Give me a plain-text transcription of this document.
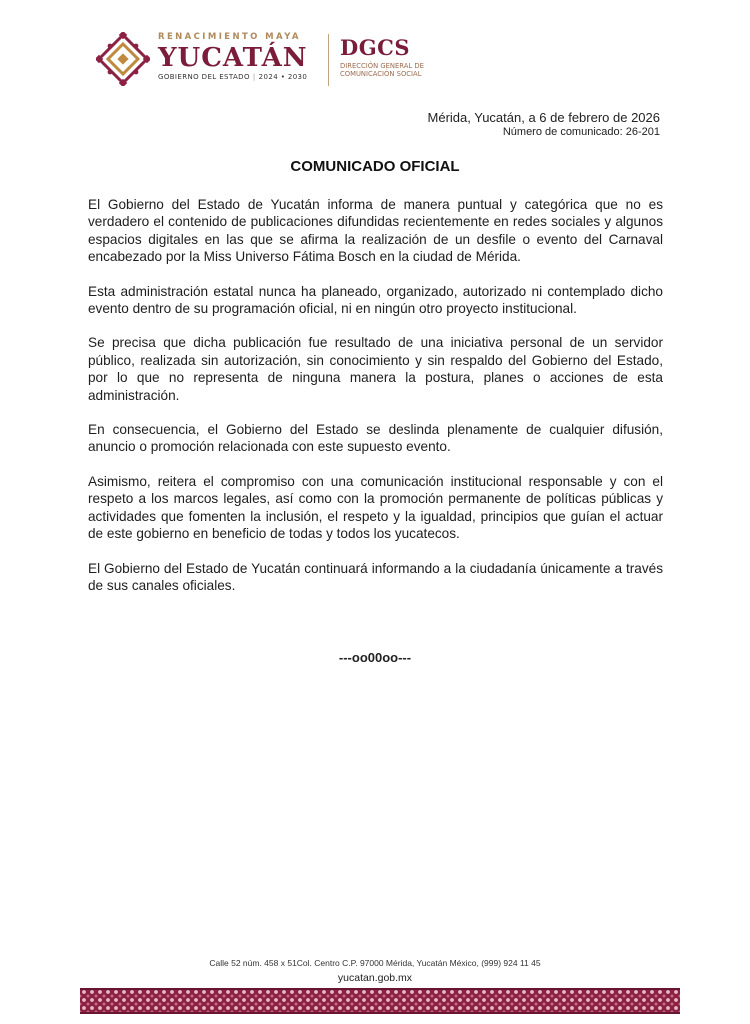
RENACIMIENTO MAYA
YUCATÁN
GOBIERNO DEL ESTADO | 2024 • 2030
DGCS
DIRECCIÓN GENERAL DE
COMUNICACIÓN SOCIAL
Mérida, Yucatán, a 6 de febrero de 2026
Número de comunicado: 26-201
COMUNICADO OFICIAL

El Gobierno del Estado de Yucatán informa de manera puntual y categórica que no es verdadero el contenido de publicaciones difundidas recientemente en redes sociales y algunos espacios digitales en las que se afirma la realización de un desfile o evento del Carnaval encabezado por la Miss Universo Fátima Bosch en la ciudad de Mérida.

Esta administración estatal nunca ha planeado, organizado, autorizado ni contemplado dicho evento dentro de su programación oficial, ni en ningún otro proyecto institucional.

Se precisa que dicha publicación fue resultado de una iniciativa personal de un servidor público, realizada sin autorización, sin conocimiento y sin respaldo del Gobierno del Estado, por lo que no representa de ninguna manera la postura, planes o acciones de esta administración.

En consecuencia, el Gobierno del Estado se deslinda plenamente de cualquier difusión, anuncio o promoción relacionada con este supuesto evento.

Asimismo, reitera el compromiso con una comunicación institucional responsable y con el respeto a los marcos legales, así como con la promoción permanente de políticas públicas y actividades que fomenten la inclusión, el respeto y la igualdad, principios que guían el actuar de este gobierno en beneficio de todas y todos los yucatecos.

El Gobierno del Estado de Yucatán continuará informando a la ciudadanía únicamente a través de sus canales oficiales.

---oo00oo---
Calle 52 núm. 458 x 51Col. Centro C.P. 97000 Mérida, Yucatán México, (999) 924 11 45
yucatan.gob.mx
